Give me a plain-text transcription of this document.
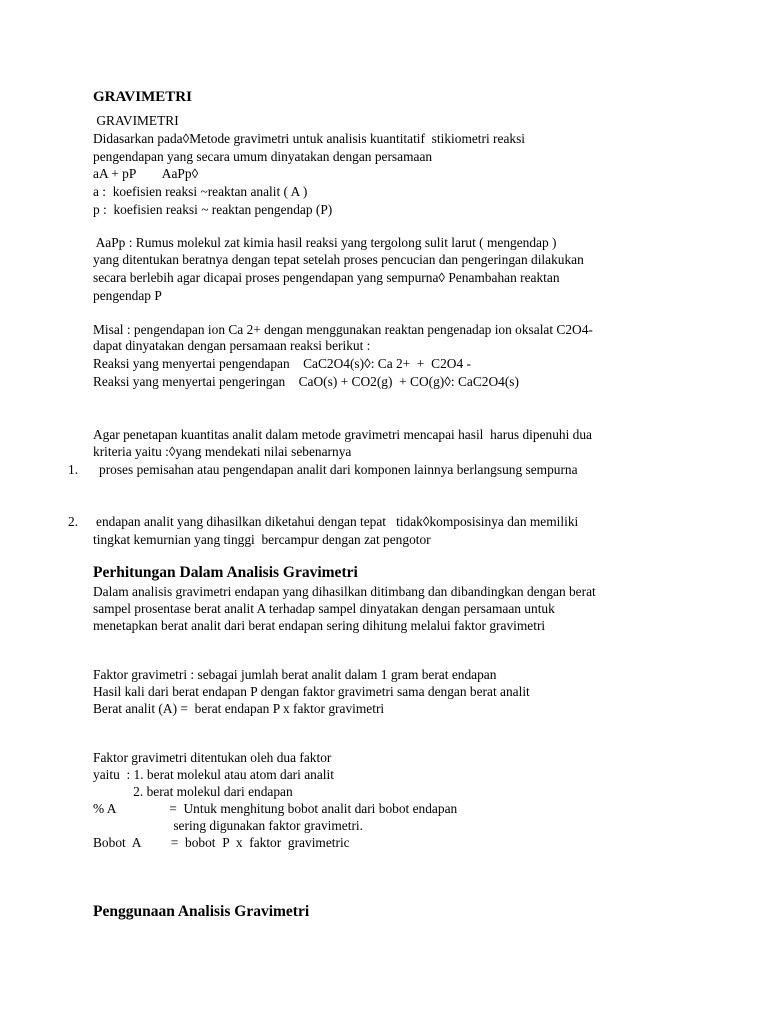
GRAVIMETRI
GRAVIMETRI
Didasarkan pada◊Metode gravimetri untuk analisis kuantitatif  stikiometri reaksi
pengendapan yang secara umum dinyatakan dengan persamaan
aA + pP        AaPp◊
a :  koefisien reaksi ~reaktan analit ( A )
p :  koefisien reaksi ~ reaktan pengendap (P)
AaPp : Rumus molekul zat kimia hasil reaksi yang tergolong sulit larut ( mengendap )
yang ditentukan beratnya dengan tepat setelah proses pencucian dan pengeringan dilakukan
secara berlebih agar dicapai proses pengendapan yang sempurna◊ Penambahan reaktan
pengendap P
Misal : pengendapan ion Ca 2+ dengan menggunakan reaktan pengenadap ion oksalat C2O4-
dapat dinyatakan dengan persamaan reaksi berikut :
Reaksi yang menyertai pengendapan    CaC2O4(s)◊: Ca 2+  +  C2O4 -
Reaksi yang menyertai pengeringan    CaO(s) + CO2(g)  + CO(g)◊: CaC2O4(s)
Agar penetapan kuantitas analit dalam metode gravimetri mencapai hasil  harus dipenuhi dua
kriteria yaitu :◊yang mendekati nilai sebenarnya
1. proses pemisahan atau pengendapan analit dari komponen lainnya berlangsung sempurna
2. endapan analit yang dihasilkan diketahui dengan tepat   tidak◊komposisinya dan memiliki
tingkat kemurnian yang tinggi  bercampur dengan zat pengotor
Perhitungan Dalam Analisis Gravimetri
Dalam analisis gravimetri endapan yang dihasilkan ditimbang dan dibandingkan dengan berat
sampel prosentase berat analit A terhadap sampel dinyatakan dengan persamaan untuk
menetapkan berat analit dari berat endapan sering dihitung melalui faktor gravimetri
Faktor gravimetri : sebagai jumlah berat analit dalam 1 gram berat endapan
Hasil kali dari berat endapan P dengan faktor gravimetri sama dengan berat analit
Berat analit (A) =  berat endapan P x faktor gravimetri
Faktor gravimetri ditentukan oleh dua faktor
yaitu  : 1. berat molekul atau atom dari analit
2. berat molekul dari endapan
% A                =  Untuk menghitung bobot analit dari bobot endapan
sering digunakan faktor gravimetri.
Bobot  A         =  bobot  P  x  faktor  gravimetric
Penggunaan Analisis Gravimetri
